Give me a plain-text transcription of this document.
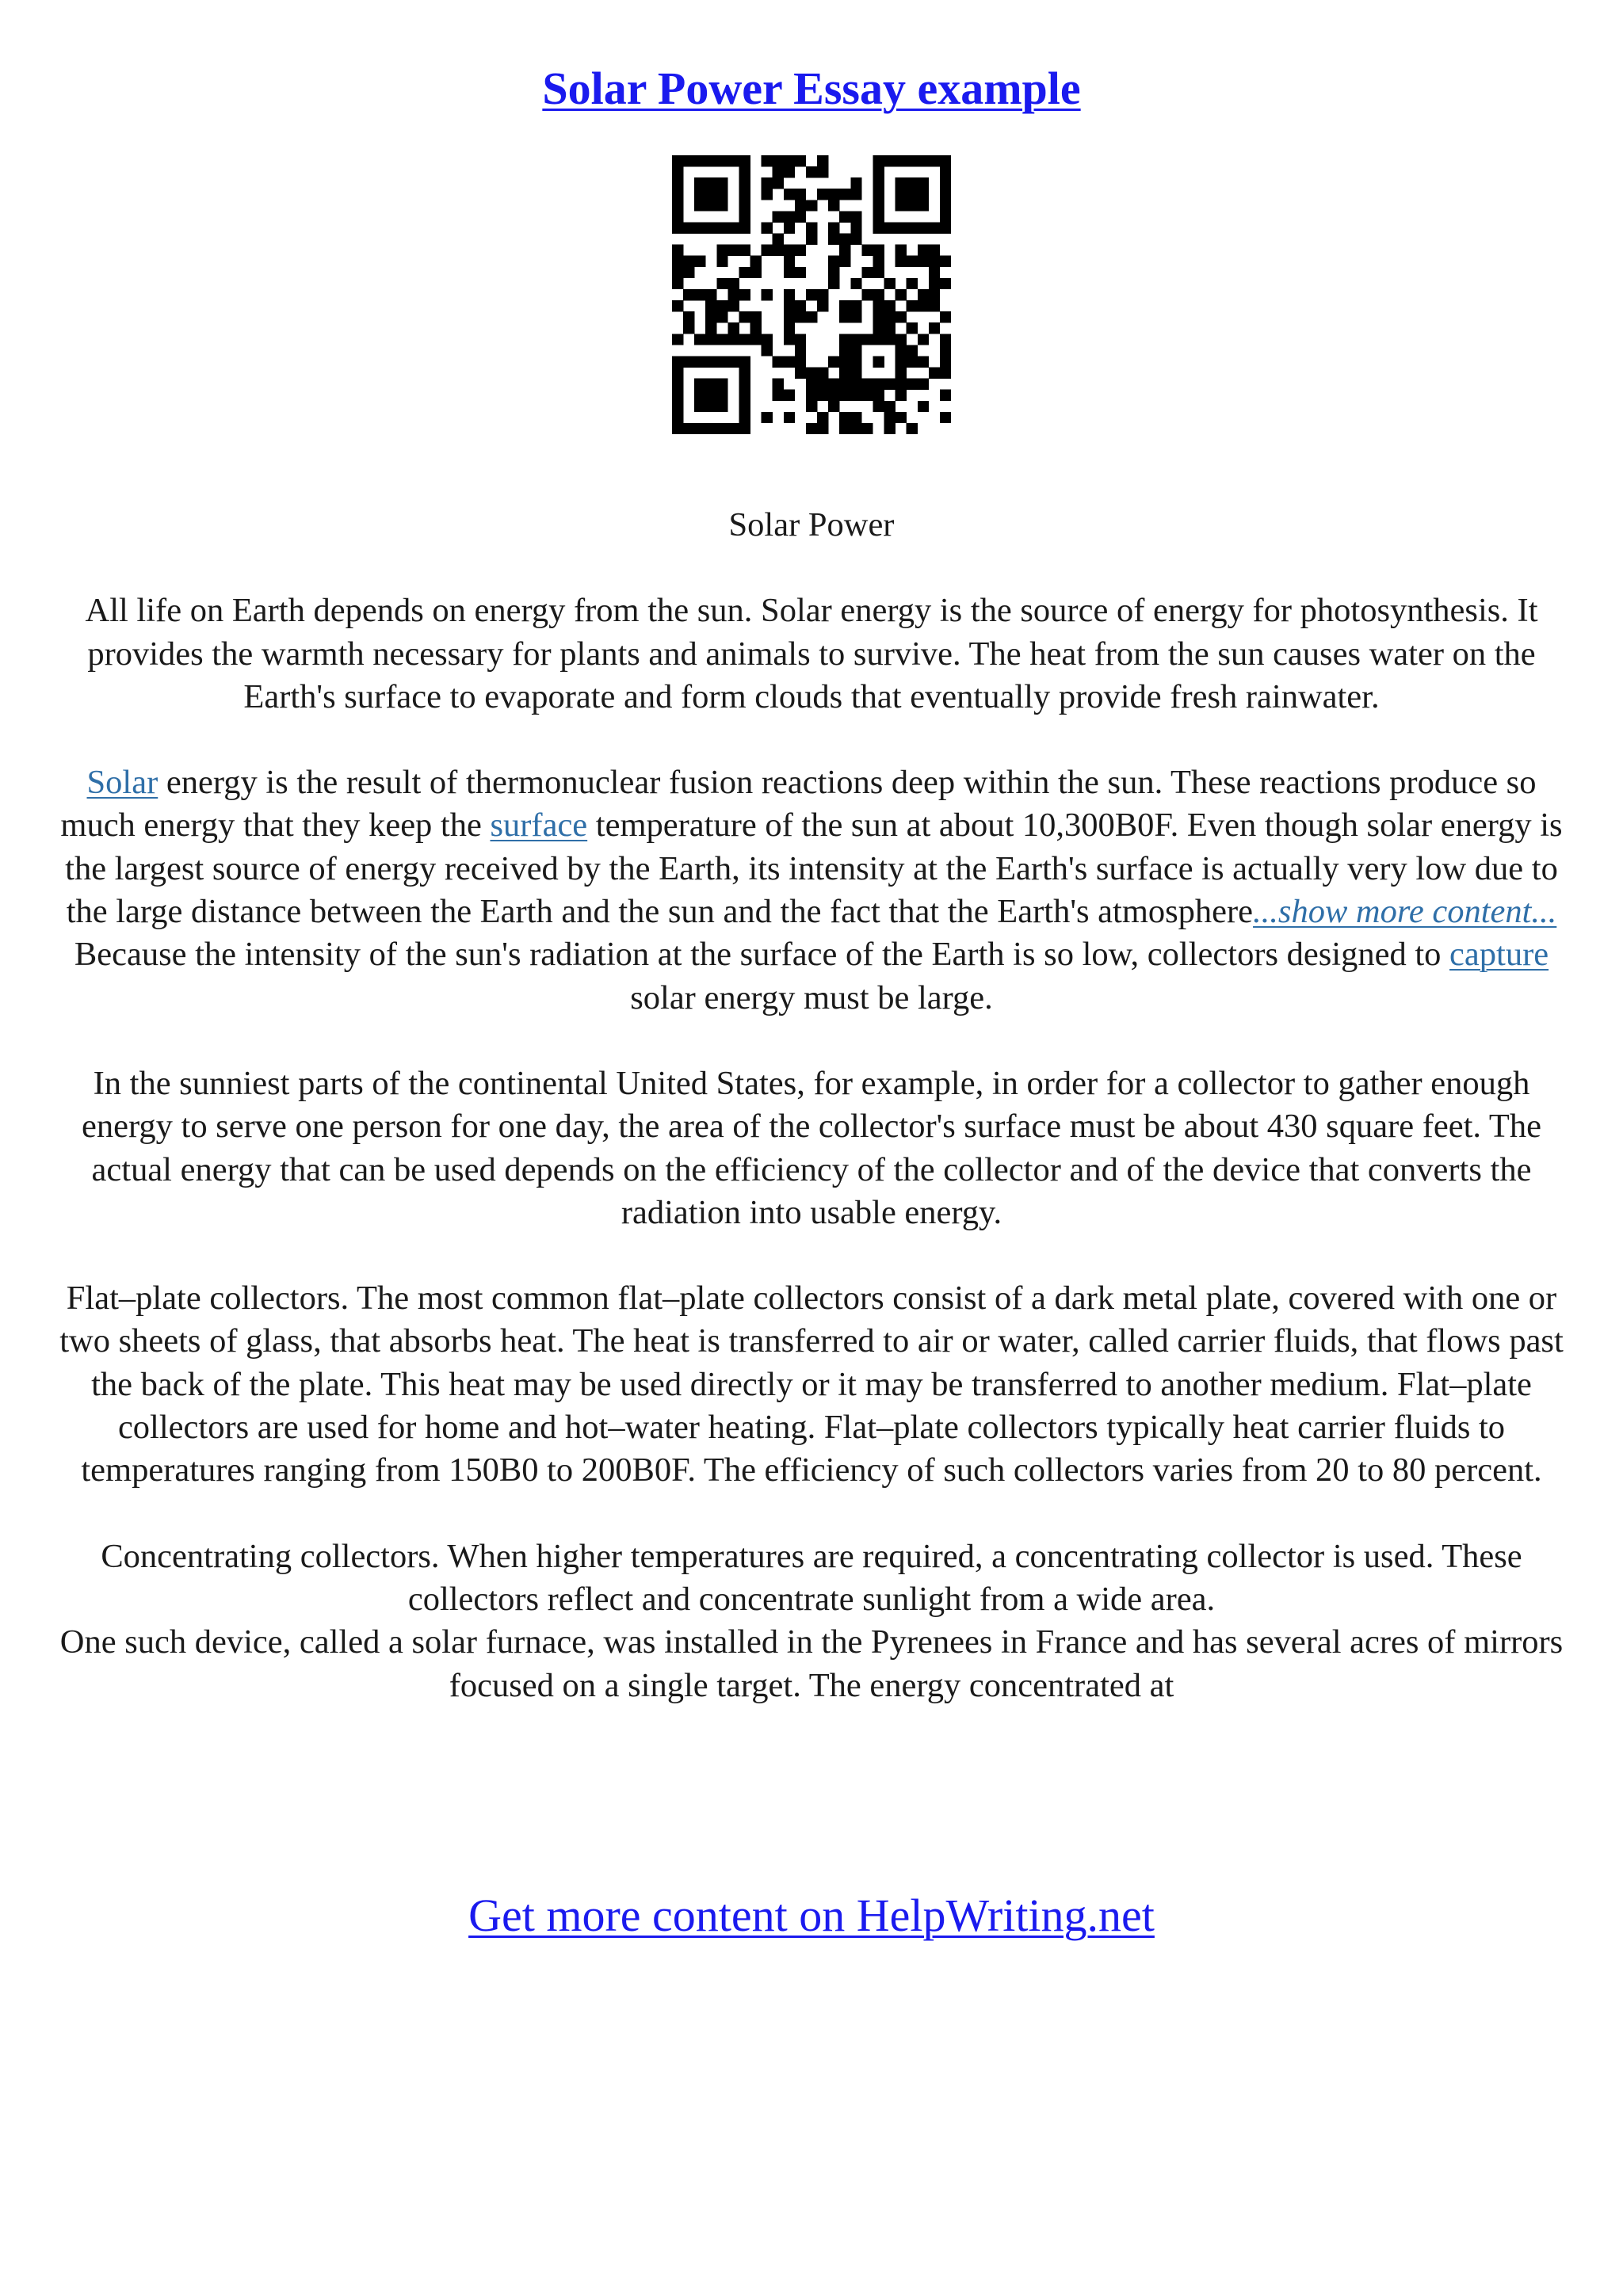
Solar Power Essay example

Solar Power

All life on Earth depends on energy from the sun. Solar energy is the source of energy for photosynthesis. It provides the warmth necessary for plants and animals to survive. The heat from the sun causes water on the Earth's surface to evaporate and form clouds that eventually provide fresh rainwater.

Solar energy is the result of thermonuclear fusion reactions deep within the sun. These reactions produce so much energy that they keep the surface temperature of the sun at about 10,300B0F. Even though solar energy is the largest source of energy received by the Earth, its intensity at the Earth's surface is actually very low due to the large distance between the Earth and the sun and the fact that the Earth's atmosphere...show more content...

Because the intensity of the sun's radiation at the surface of the Earth is so low, collectors designed to capture solar energy must be large.

In the sunniest parts of the continental United States, for example, in order for a collector to gather enough energy to serve one person for one day, the area of the collector's surface must be about 430 square feet. The actual energy that can be used depends on the efficiency of the collector and of the device that converts the radiation into usable energy.

Flat–plate collectors. The most common flat–plate collectors consist of a dark metal plate, covered with one or two sheets of glass, that absorbs heat. The heat is transferred to air or water, called carrier fluids, that flows past the back of the plate. This heat may be used directly or it may be transferred to another medium. Flat–plate collectors are used for home and hot–water heating. Flat–plate collectors typically heat carrier fluids to temperatures ranging from 150B0 to 200B0F. The efficiency of such collectors varies from 20 to 80 percent.

Concentrating collectors. When higher temperatures are required, a concentrating collector is used. These collectors reflect and concentrate sunlight from a wide area.

One such device, called a solar furnace, was installed in the Pyrenees in France and has several acres of mirrors focused on a single target. The energy concentrated at

Get more content on HelpWriting.net
